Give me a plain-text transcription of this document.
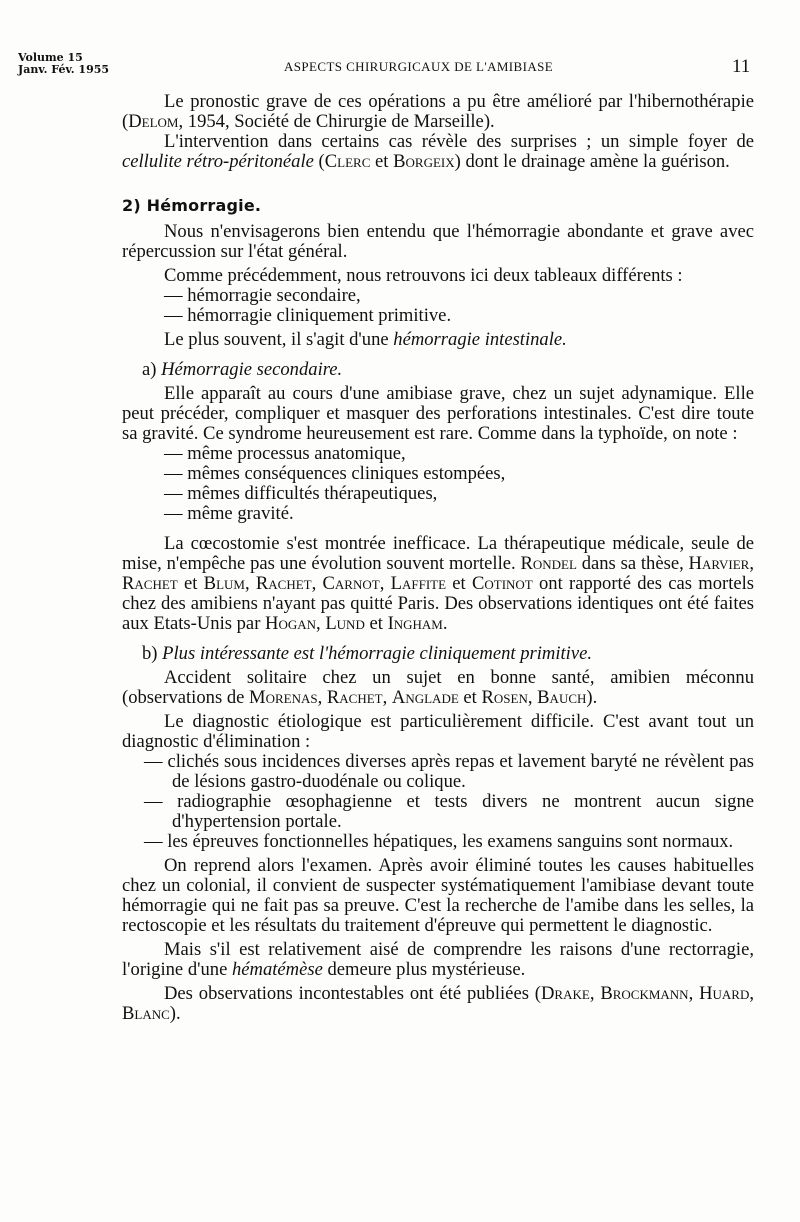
Volume 15
Janv. Fév. 1955	ASPECTS CHIRURGICAUX DE L'AMIBIASE	11

Le pronostic grave de ces opérations a pu être amélioré par l'hibernothérapie (Delom, 1954, Société de Chirurgie de Marseille).

L'intervention dans certains cas révèle des surprises ; un simple foyer de cellulite rétro-péritonéale (Clerc et Borgeix) dont le drainage amène la guérison.

2) Hémorragie.

Nous n'envisagerons bien entendu que l'hémorragie abondante et grave avec répercussion sur l'état général.

Comme précédemment, nous retrouvons ici deux tableaux différents :

— hémorragie secondaire,

— hémorragie cliniquement primitive.

Le plus souvent, il s'agit d'une hémorragie intestinale.

a) Hémorragie secondaire.

Elle apparaît au cours d'une amibiase grave, chez un sujet adynamique. Elle peut précéder, compliquer et masquer des perforations intestinales. C'est dire toute sa gravité. Ce syndrome heureusement est rare. Comme dans la typhoïde, on note :

— même processus anatomique,

— mêmes conséquences cliniques estompées,

— mêmes difficultés thérapeutiques,

— même gravité.

La cœcostomie s'est montrée inefficace. La thérapeutique médicale, seule de mise, n'empêche pas une évolution souvent mortelle. Rondel dans sa thèse, Harvier, Rachet et Blum, Rachet, Carnot, Laffite et Cotinot ont rapporté des cas mortels chez des amibiens n'ayant pas quitté Paris. Des observations identiques ont été faites aux Etats-Unis par Hogan, Lund et Ingham.

b) Plus intéressante est l'hémorragie cliniquement primitive.

Accident solitaire chez un sujet en bonne santé, amibien méconnu (observations de Morenas, Rachet, Anglade et Rosen, Bauch).

Le diagnostic étiologique est particulièrement difficile. C'est avant tout un diagnostic d'élimination :

— clichés sous incidences diverses après repas et lavement baryté ne révèlent pas de lésions gastro-duodénale ou colique.

— radiographie œsophagienne et tests divers ne montrent aucun signe d'hypertension portale.

— les épreuves fonctionnelles hépatiques, les examens sanguins sont normaux.

On reprend alors l'examen. Après avoir éliminé toutes les causes habituelles chez un colonial, il convient de suspecter systématiquement l'amibiase devant toute hémorragie qui ne fait pas sa preuve. C'est la recherche de l'amibe dans les selles, la rectoscopie et les résultats du traitement d'épreuve qui permettent le diagnostic.

Mais s'il est relativement aisé de comprendre les raisons d'une rectorragie, l'origine d'une hématémèse demeure plus mystérieuse.

Des observations incontestables ont été publiées (Drake, Brockmann, Huard, Blanc).
